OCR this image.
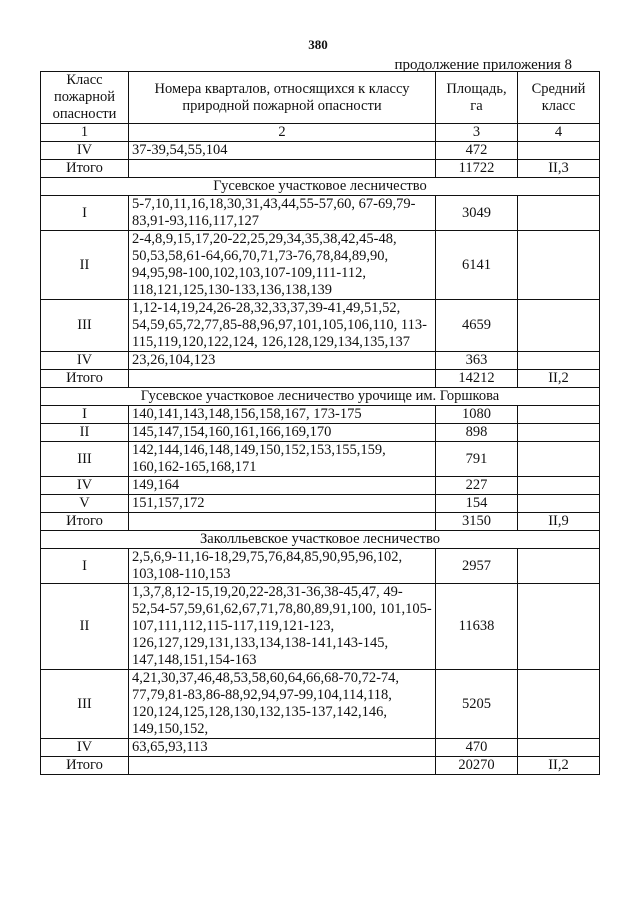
380
продолжение приложения 8
Класс пожарной опасности	Номера кварталов, относящихся к классу природной пожарной опасности	Площадь, га	Средний класс
1	2	3	4
IV	37-39,54,55,104	472	
Итого		11722	II,3
Гусевское участковое лесничество			
I	5-7,10,11,16,18,30,31,43,44,55-57,60, 67-69,79-83,91-93,116,117,127	3049	
II	2-4,8,9,15,17,20-22,25,29,34,35,38,42,45-48, 50,53,58,61-64,66,70,71,73-76,78,84,89,90, 94,95,98-100,102,103,107-109,111-112, 118,121,125,130-133,136,138,139	6141	
III	1,12-14,19,24,26-28,32,33,37,39-41,49,51,52, 54,59,65,72,77,85-88,96,97,101,105,106,110, 113-115,119,120,122,124, 126,128,129,134,135,137	4659	
IV	23,26,104,123	363	
Итого		14212	II,2
Гусевское участковое лесничество урочище им. Горшкова			
I	140,141,143,148,156,158,167, 173-175	1080	
II	145,147,154,160,161,166,169,170	898	
III	142,144,146,148,149,150,152,153,155,159, 160,162-165,168,171	791	
IV	149,164	227	
V	151,157,172	154	
Итого		3150	II,9
Заколльевское участковое лесничество			
I	2,5,6,9-11,16-18,29,75,76,84,85,90,95,96,102, 103,108-110,153	2957	
II	1,3,7,8,12-15,19,20,22-28,31-36,38-45,47, 49-52,54-57,59,61,62,67,71,78,80,89,91,100, 101,105-107,111,112,115-117,119,121-123, 126,127,129,131,133,134,138-141,143-145, 147,148,151,154-163	11638	
III	4,21,30,37,46,48,53,58,60,64,66,68-70,72-74, 77,79,81-83,86-88,92,94,97-99,104,114,118, 120,124,125,128,130,132,135-137,142,146, 149,150,152,	5205	
IV	63,65,93,113	470	
Итого		20270	II,2
